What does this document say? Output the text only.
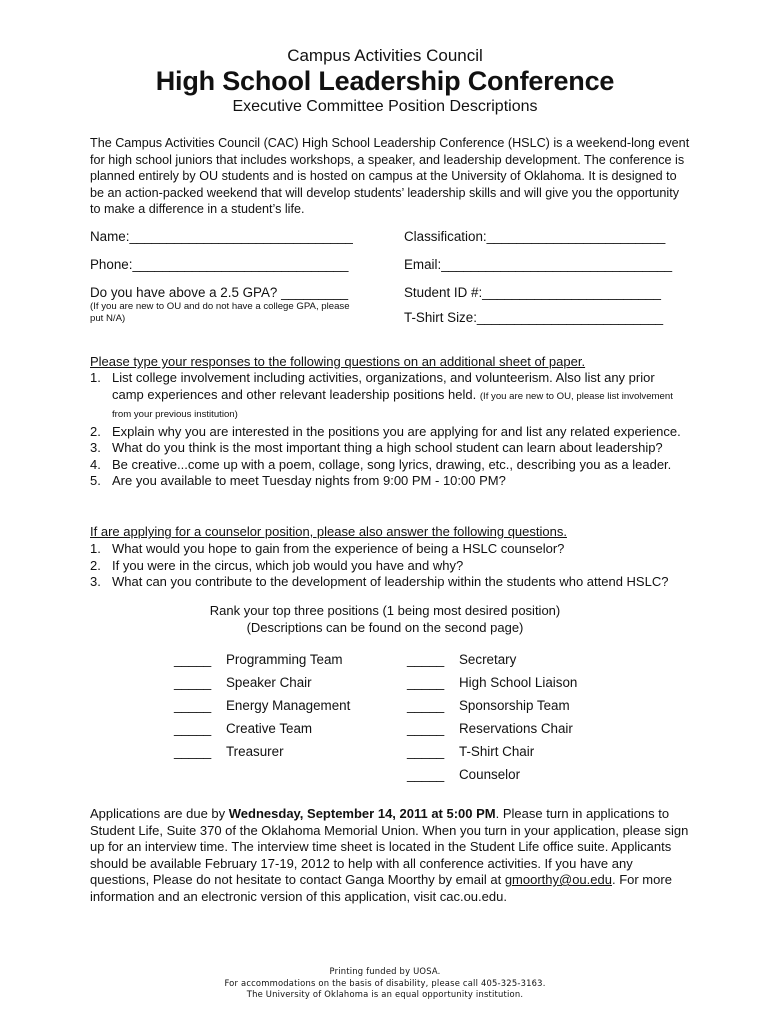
Campus Activities Council
High School Leadership Conference
Executive Committee Position Descriptions
The Campus Activities Council (CAC) High School Leadership Conference (HSLC) is a weekend-long event for high school juniors that includes workshops, a speaker, and leadership development. The conference is planned entirely by OU students and is hosted on campus at the University of Oklahoma. It is designed to be an action-packed weekend that will develop students’ leadership skills and will give you the opportunity to make a difference in a student’s life.
Name:______________________________	Classification:________________________
Phone:_____________________________	Email:_______________________________
Do you have above a 2.5 GPA? _________
(If you are new to OU and do not have a college GPA, please put N/A)
Student ID #:________________________
T-Shirt Size:_________________________
Please type your responses to the following questions on an additional sheet of paper.
1. List college involvement including activities, organizations, and volunteerism. Also list any prior camp experiences and other relevant leadership positions held. (If you are new to OU, please list involvement from your previous institution)
2. Explain why you are interested in the positions you are applying for and list any related experience.
3. What do you think is the most important thing a high school student can learn about leadership?
4. Be creative...come up with a poem, collage, song lyrics, drawing, etc., describing you as a leader.
5. Are you available to meet Tuesday nights from 9:00 PM - 10:00 PM?
If are applying for a counselor position, please also answer the following questions.
1. What would you hope to gain from the experience of being a HSLC counselor?
2. If you were in the circus, which job would you have and why?
3. What can you contribute to the development of leadership within the students who attend HSLC?
Rank your top three positions (1 being most desired position)
(Descriptions can be found on the second page)
_____ Programming Team
_____ Speaker Chair
_____ Energy Management
_____ Creative Team
_____ Treasurer
_____ Secretary
_____ High School Liaison
_____ Sponsorship Team
_____ Reservations Chair
_____ T-Shirt Chair
_____ Counselor
Applications are due by Wednesday, September 14, 2011 at 5:00 PM. Please turn in applications to Student Life, Suite 370 of the Oklahoma Memorial Union. When you turn in your application, please sign up for an interview time. The interview time sheet is located in the Student Life office suite. Applicants should be available February 17-19, 2012 to help with all conference activities. If you have any questions, Please do not hesitate to contact Ganga Moorthy by email at gmoorthy@ou.edu. For more information and an electronic version of this application, visit cac.ou.edu.
Printing funded by UOSA.
For accommodations on the basis of disability, please call 405-325-3163.
The University of Oklahoma is an equal opportunity institution.
